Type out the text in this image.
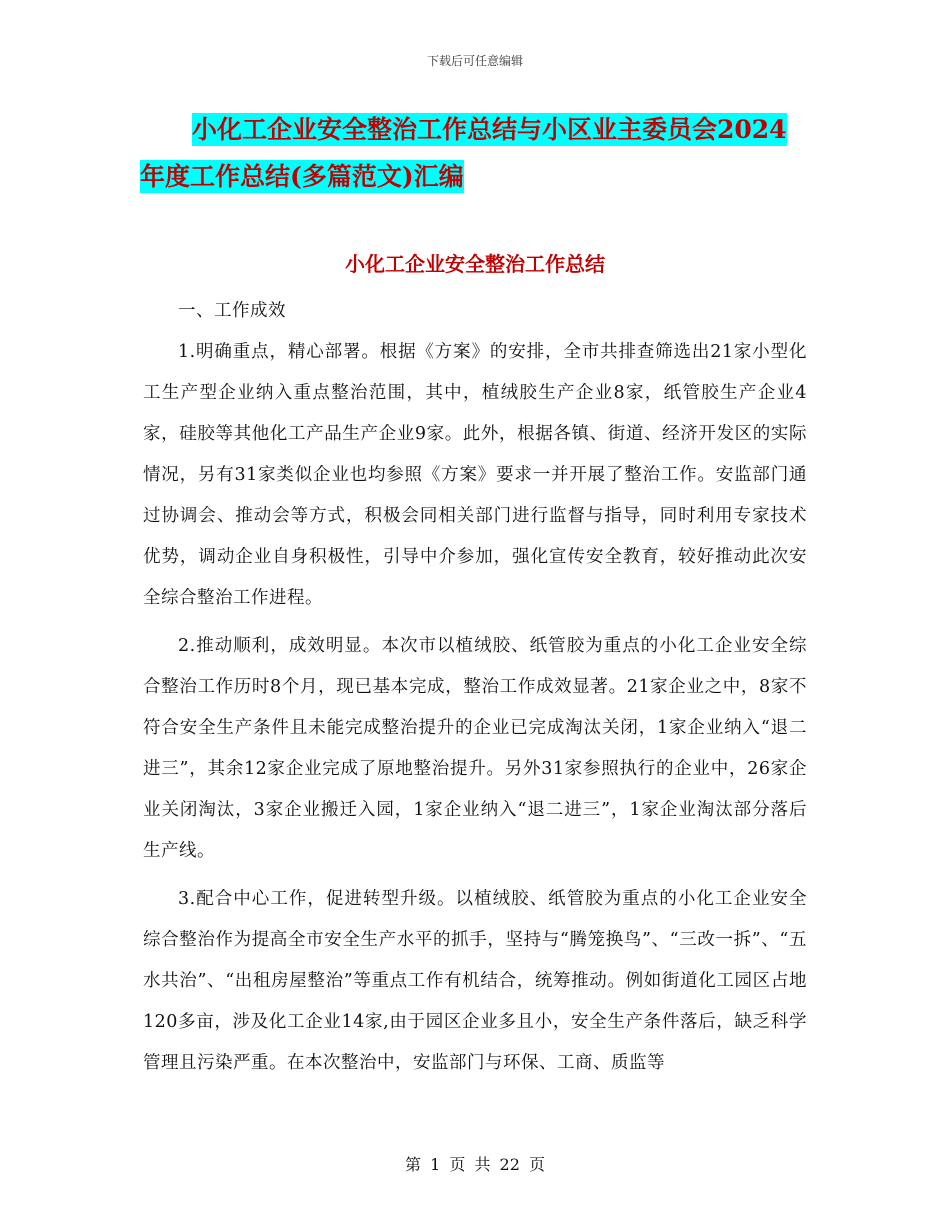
下载后可任意编辑
小化工企业安全整治工作总结与小区业主委员会2024
年度工作总结(多篇范文)汇编
小化工企业安全整治工作总结

一、工作成效

1.明确重点，精心部署。根据《方案》的安排，全市共排查筛选出21家小型化工生产型企业纳入重点整治范围，其中，植绒胶生产企业8家，纸管胶生产企业4家，硅胶等其他化工产品生产企业9家。此外，根据各镇、街道、经济开发区的实际情况，另有31家类似企业也均参照《方案》要求一并开展了整治工作。安监部门通过协调会、推动会等方式，积极会同相关部门进行监督与指导，同时利用专家技术优势，调动企业自身积极性，引导中介参加，强化宣传安全教育，较好推动此次安全综合整治工作进程。

2.推动顺利，成效明显。本次市以植绒胶、纸管胶为重点的小化工企业安全综合整治工作历时8个月，现已基本完成，整治工作成效显著。21家企业之中，8家不符合安全生产条件且未能完成整治提升的企业已完成淘汰关闭，1家企业纳入“退二进三”，其余12家企业完成了原地整治提升。另外31家参照执行的企业中，26家企业关闭淘汰，3家企业搬迁入园，1家企业纳入“退二进三”，1家企业淘汰部分落后生产线。

3.配合中心工作，促进转型升级。以植绒胶、纸管胶为重点的小化工企业安全综合整治作为提高全市安全生产水平的抓手，坚持与“腾笼换鸟”、“三改一拆”、“五水共治”、“出租房屋整治”等重点工作有机结合，统筹推动。例如街道化工园区占地120多亩，涉及化工企业14家,由于园区企业多且小，安全生产条件落后，缺乏科学管理且污染严重。在本次整治中，安监部门与环保、工商、质监等

第 1 页 共 22 页
